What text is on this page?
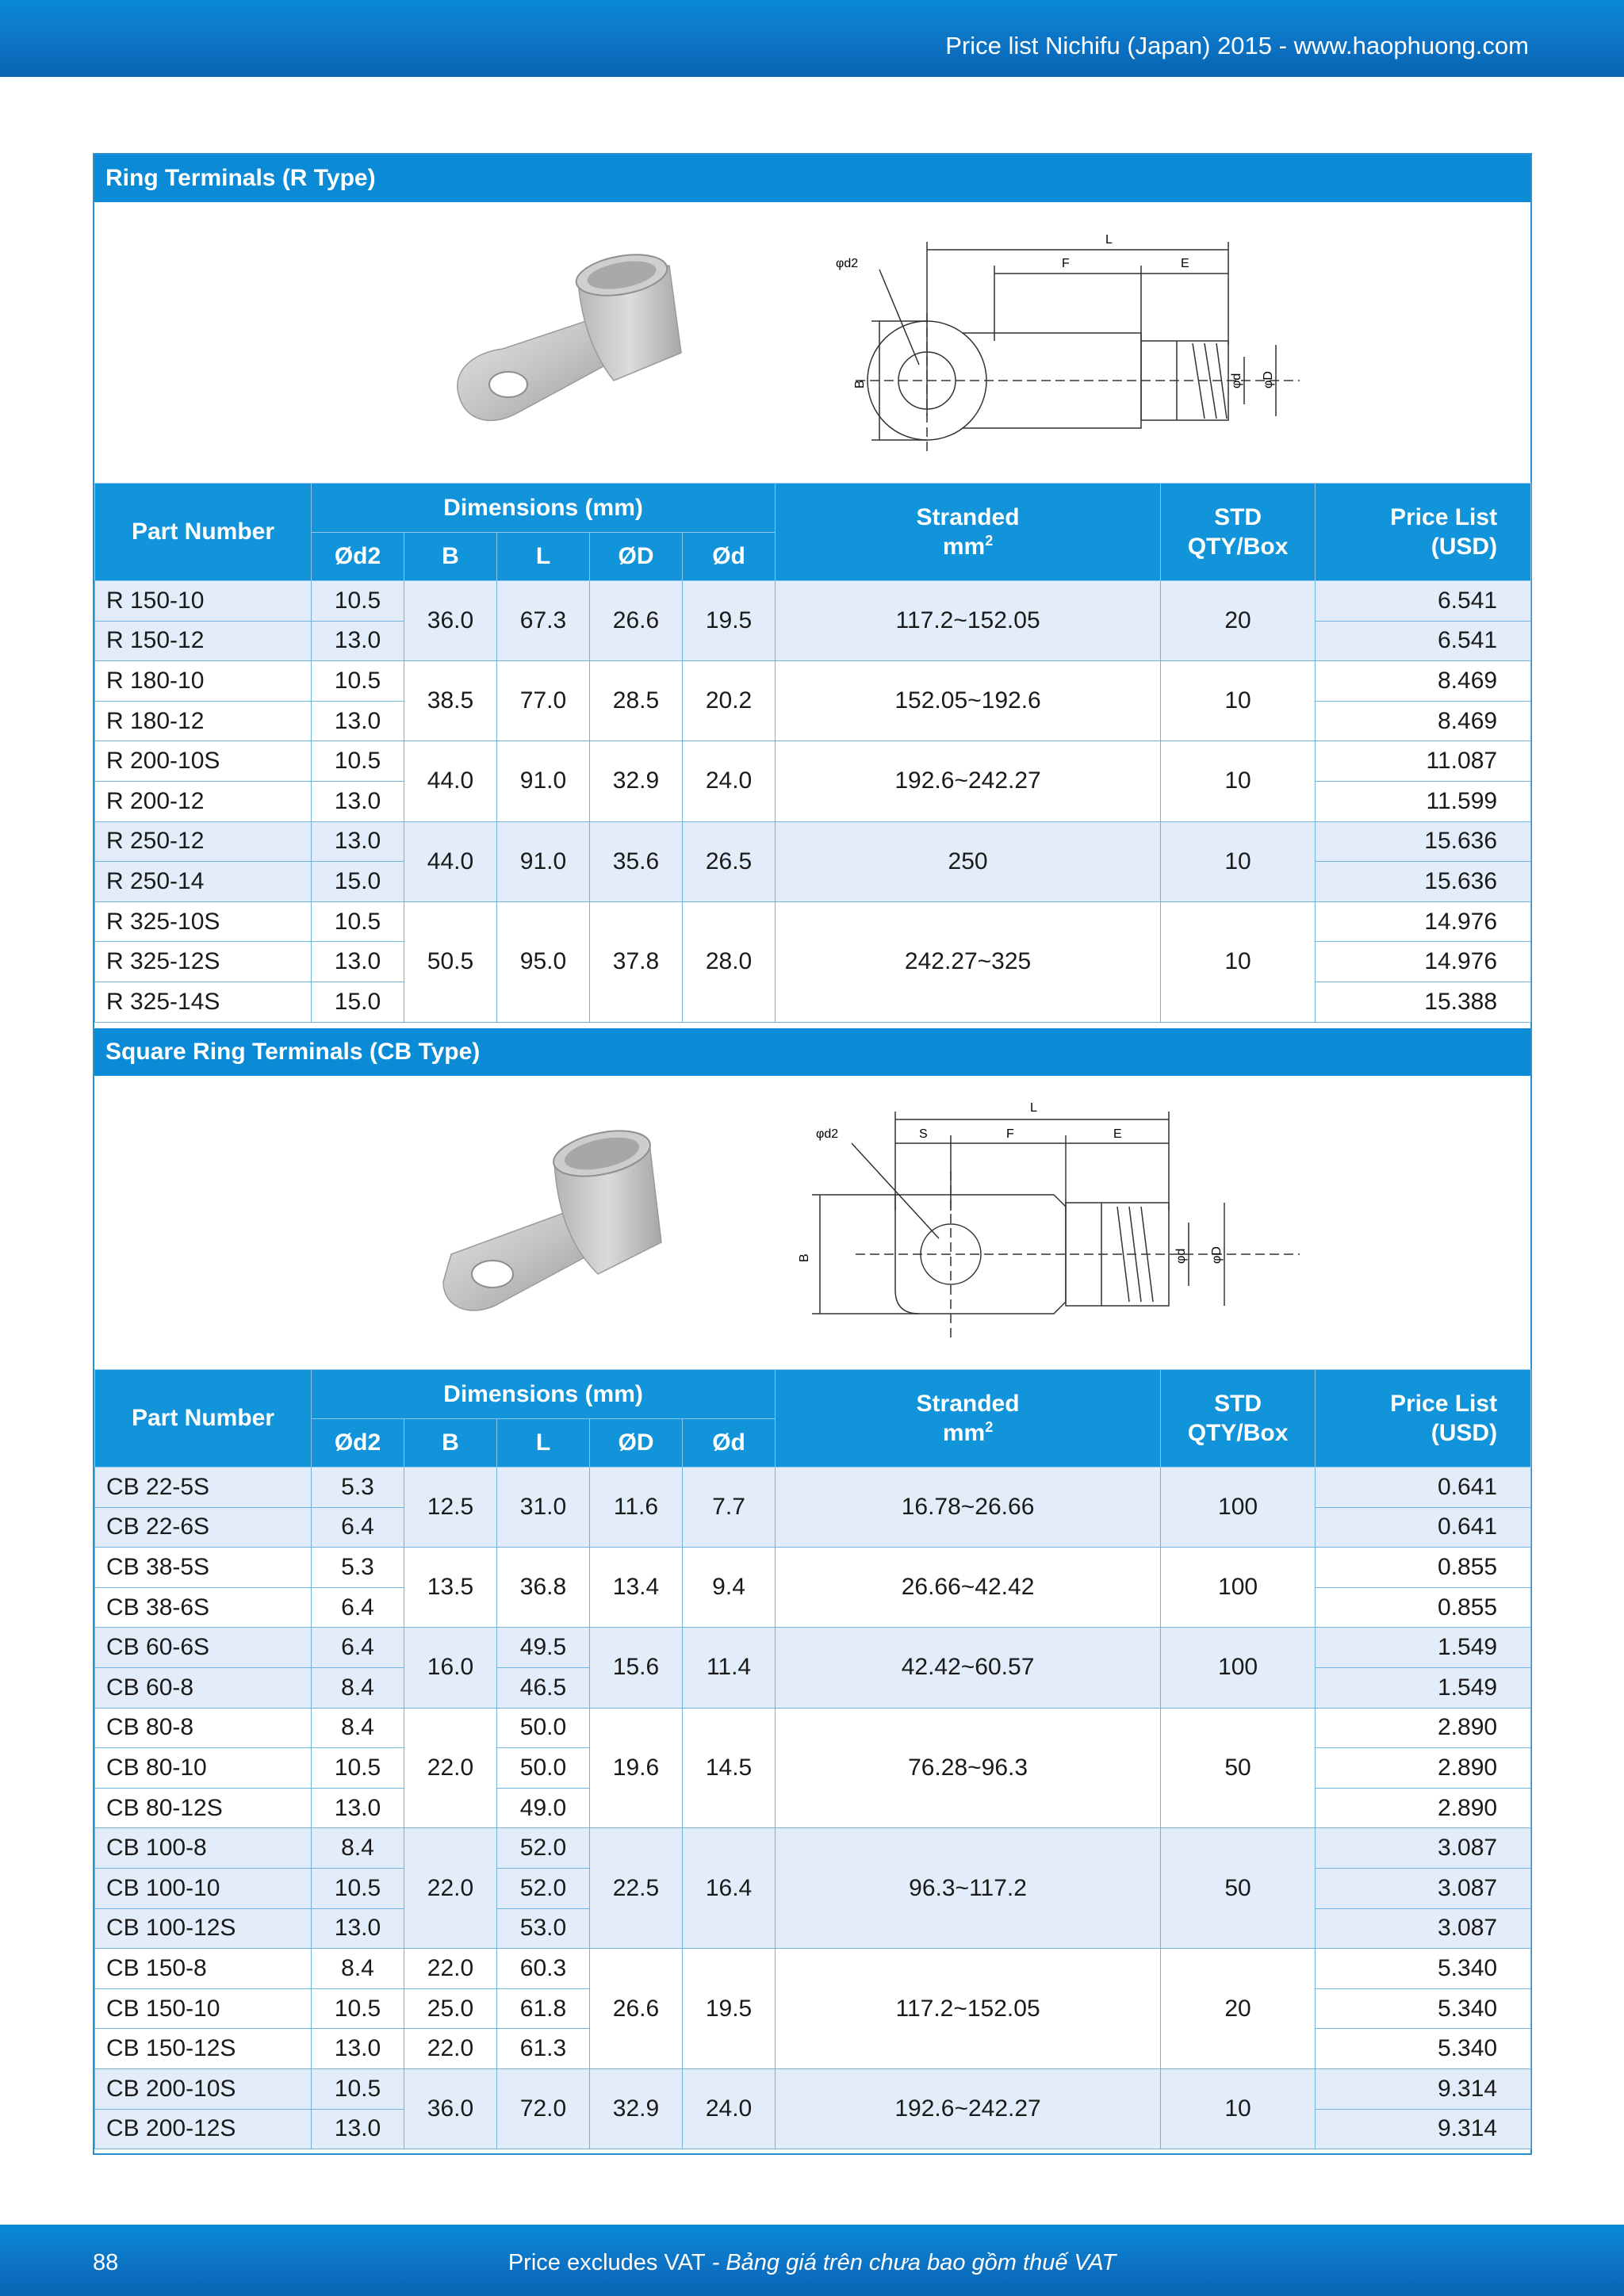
Price list Nichifu (Japan) 2015 - www.haophuong.com
Ring Terminals (R Type)
L
F	E
φd2
B	φd φD
Part Number	Dimensions (mm)					Stranded
$mm^2$	STD
QTY/Box	Price List
(USD)
	Ød2	B	L	ØD	Ød			
R 150-10	10.5	36.0	67.3	26.6	19.5	117.2~152.05	20	6.541
R 150-12	13.0							6.541
R 180-10	10.5	38.5	77.0	28.5	20.2	152.05~192.6	10	8.469
R 180-12	13.0							8.469
R 200-10S	10.5	44.0	91.0	32.9	24.0	192.6~242.27	10	11.087
R 200-12	13.0							11.599
R 250-12	13.0	44.0	91.0	35.6	26.5	250	10	15.636
R 250-14	15.0							15.636
R 325-10S	10.5	50.5	95.0	37.8	28.0	242.27~325	10	14.976
R 325-12S	13.0							14.976
R 325-14S	15.0							15.388
Square Ring Terminals (CB Type)
L
S	F	E
φd2
B	φd φD
Part Number	Dimensions (mm)					Stranded
$mm^2$	STD
QTY/Box	Price List
(USD)
	Ød2	B	L	ØD	Ød			
CB 22-5S	5.3	12.5	31.0	11.6	7.7	16.78~26.66	100	0.641
CB 22-6S	6.4							0.641
CB 38-5S	5.3	13.5	36.8	13.4	9.4	26.66~42.42	100	0.855
CB 38-6S	6.4							0.855
CB 60-6S	6.4	16.0	49.5	15.6	11.4	42.42~60.57	100	1.549
CB 60-8	8.4		46.5					1.549
CB 80-8	8.4	22.0	50.0	19.6	14.5	76.28~96.3	50	2.890
CB 80-10	10.5		50.0					2.890
CB 80-12S	13.0		49.0					2.890
CB 100-8	8.4	22.0	52.0	22.5	16.4	96.3~117.2	50	3.087
CB 100-10	10.5		52.0					3.087
CB 100-12S	13.0		53.0					3.087
CB 150-8	8.4	22.0	60.3	26.6	19.5	117.2~152.05	20	5.340
CB 150-10	10.5	25.0	61.8					5.340
CB 150-12S	13.0	22.0	61.3					5.340
CB 200-10S	10.5	36.0	72.0	32.9	24.0	192.6~242.27	10	9.314
CB 200-12S	13.0							9.314
88	Price excludes VAT - Bảng giá trên chưa bao gồm thuế VAT
